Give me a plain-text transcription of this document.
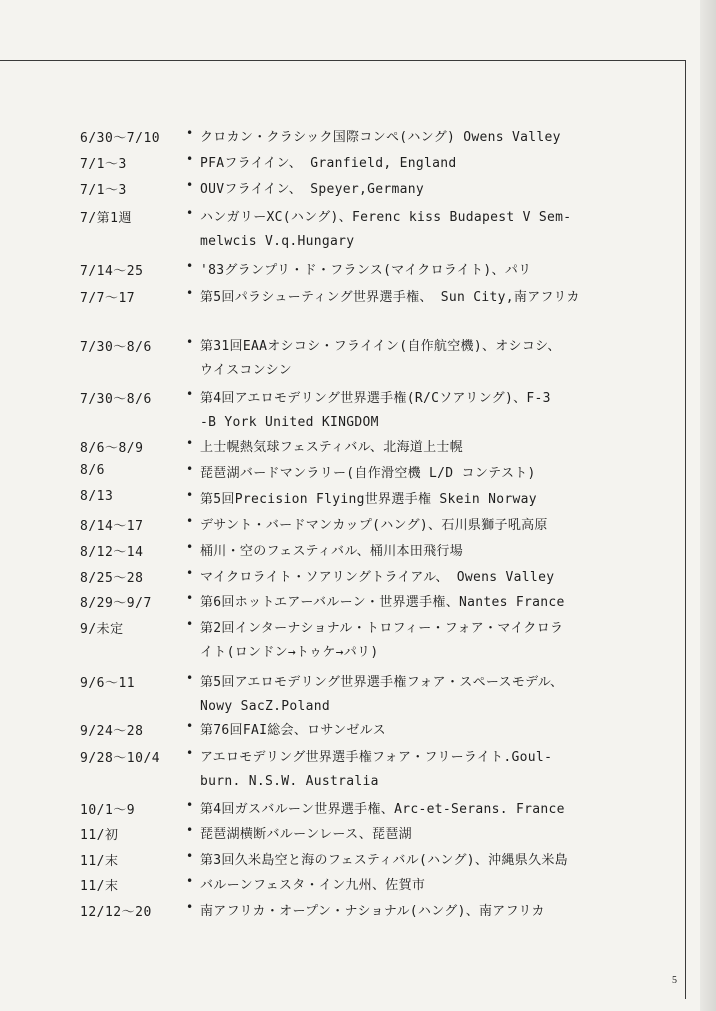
6/30〜7/10	• クロカン・クラシック国際コンペ(ハング) Owens Valley
7/1〜3	• PFAフライイン、 Granfield, England
7/1〜3	• OUVフライイン、 Speyer,Germany
7/第1週	• ハンガリーXC(ハング)、Ferenc kiss Budapest V Sem-
melwcis V.q.Hungary
7/14〜25	• '83グランプリ・ド・フランス(マイクロライト)、パリ
7/7〜17	• 第5回パラシューティング世界選手権、 Sun City,南アフリカ
7/30〜8/6	• 第31回EAAオシコシ・フライイン(自作航空機)、オシコシ、
ウイスコンシン
7/30〜8/6	• 第4回アエロモデリング世界選手権(R/Cソアリング)、F-3
-B York United KINGDOM
8/6〜8/9	• 上士幌熱気球フェスティバル、北海道上士幌
8/6	• 琵琶湖バードマンラリー(自作滑空機 L/D コンテスト)
8/13	• 第5回Precision Flying世界選手権 Skein Norway
8/14〜17	• デサント・バードマンカップ(ハング)、石川県獅子吼高原
8/12〜14	• 桶川・空のフェスティバル、桶川本田飛行場
8/25〜28	• マイクロライト・ソアリングトライアル、 Owens Valley
8/29〜9/7	• 第6回ホットエアーバルーン・世界選手権、Nantes France
9/未定	• 第2回インターナショナル・トロフィー・フォア・マイクロラ
イト(ロンドン→トゥケ→パリ)
9/6〜11	• 第5回アエロモデリング世界選手権フォア・スペースモデル、
Nowy SacZ.Poland
9/24〜28	• 第76回FAI総会、ロサンゼルス
9/28〜10/4	• アエロモデリング世界選手権フォア・フリーライト.Goul-
burn. N.S.W. Australia
10/1〜9	• 第4回ガスバルーン世界選手権、Arc-et-Serans. France
11/初	• 琵琶湖横断バルーンレース、琵琶湖
11/末	• 第3回久米島空と海のフェスティバル(ハング)、沖縄県久米島
11/末	• バルーンフェスタ・イン九州、佐賀市
12/12〜20	• 南アフリカ・オープン・ナショナル(ハング)、南アフリカ
5
